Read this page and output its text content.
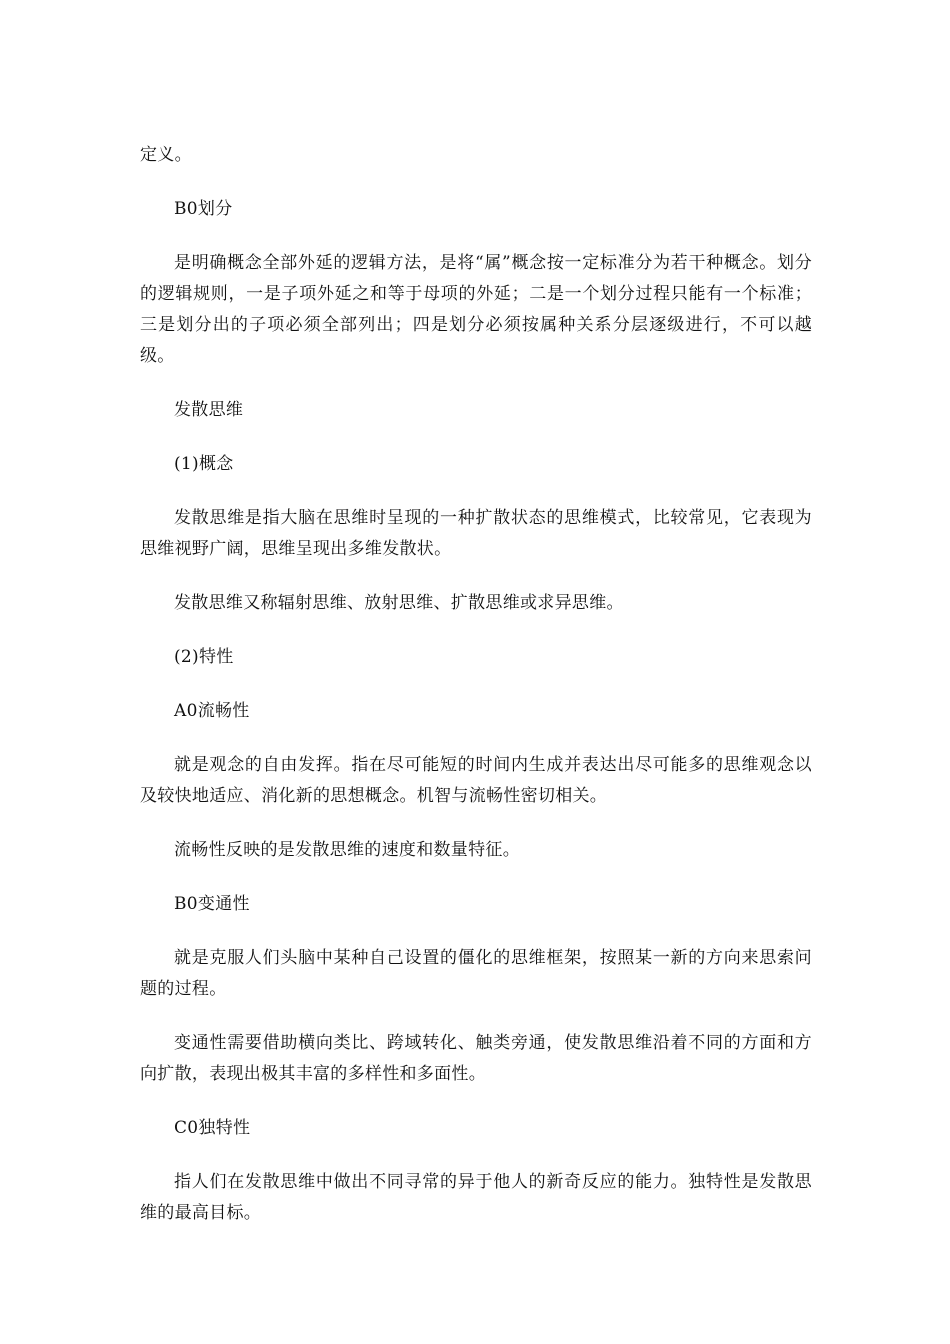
定义。

B0划分

是明确概念全部外延的逻辑方法，是将“属”概念按一定标准分为若干种概念。划分的逻辑规则，一是子项外延之和等于母项的外延；二是一个划分过程只能有一个标准；三是划分出的子项必须全部列出；四是划分必须按属种关系分层逐级进行，不可以越级。

发散思维

(1)概念

发散思维是指大脑在思维时呈现的一种扩散状态的思维模式，比较常见，它表现为思维视野广阔，思维呈现出多维发散状。

发散思维又称辐射思维、放射思维、扩散思维或求异思维。

(2)特性

A0流畅性

就是观念的自由发挥。指在尽可能短的时间内生成并表达出尽可能多的思维观念以及较快地适应、消化新的思想概念。机智与流畅性密切相关。

流畅性反映的是发散思维的速度和数量特征。

B0变通性

就是克服人们头脑中某种自己设置的僵化的思维框架，按照某一新的方向来思索问题的过程。

变通性需要借助横向类比、跨域转化、触类旁通，使发散思维沿着不同的方面和方向扩散，表现出极其丰富的多样性和多面性。

C0独特性

指人们在发散思维中做出不同寻常的异于他人的新奇反应的能力。独特性是发散思维的最高目标。
